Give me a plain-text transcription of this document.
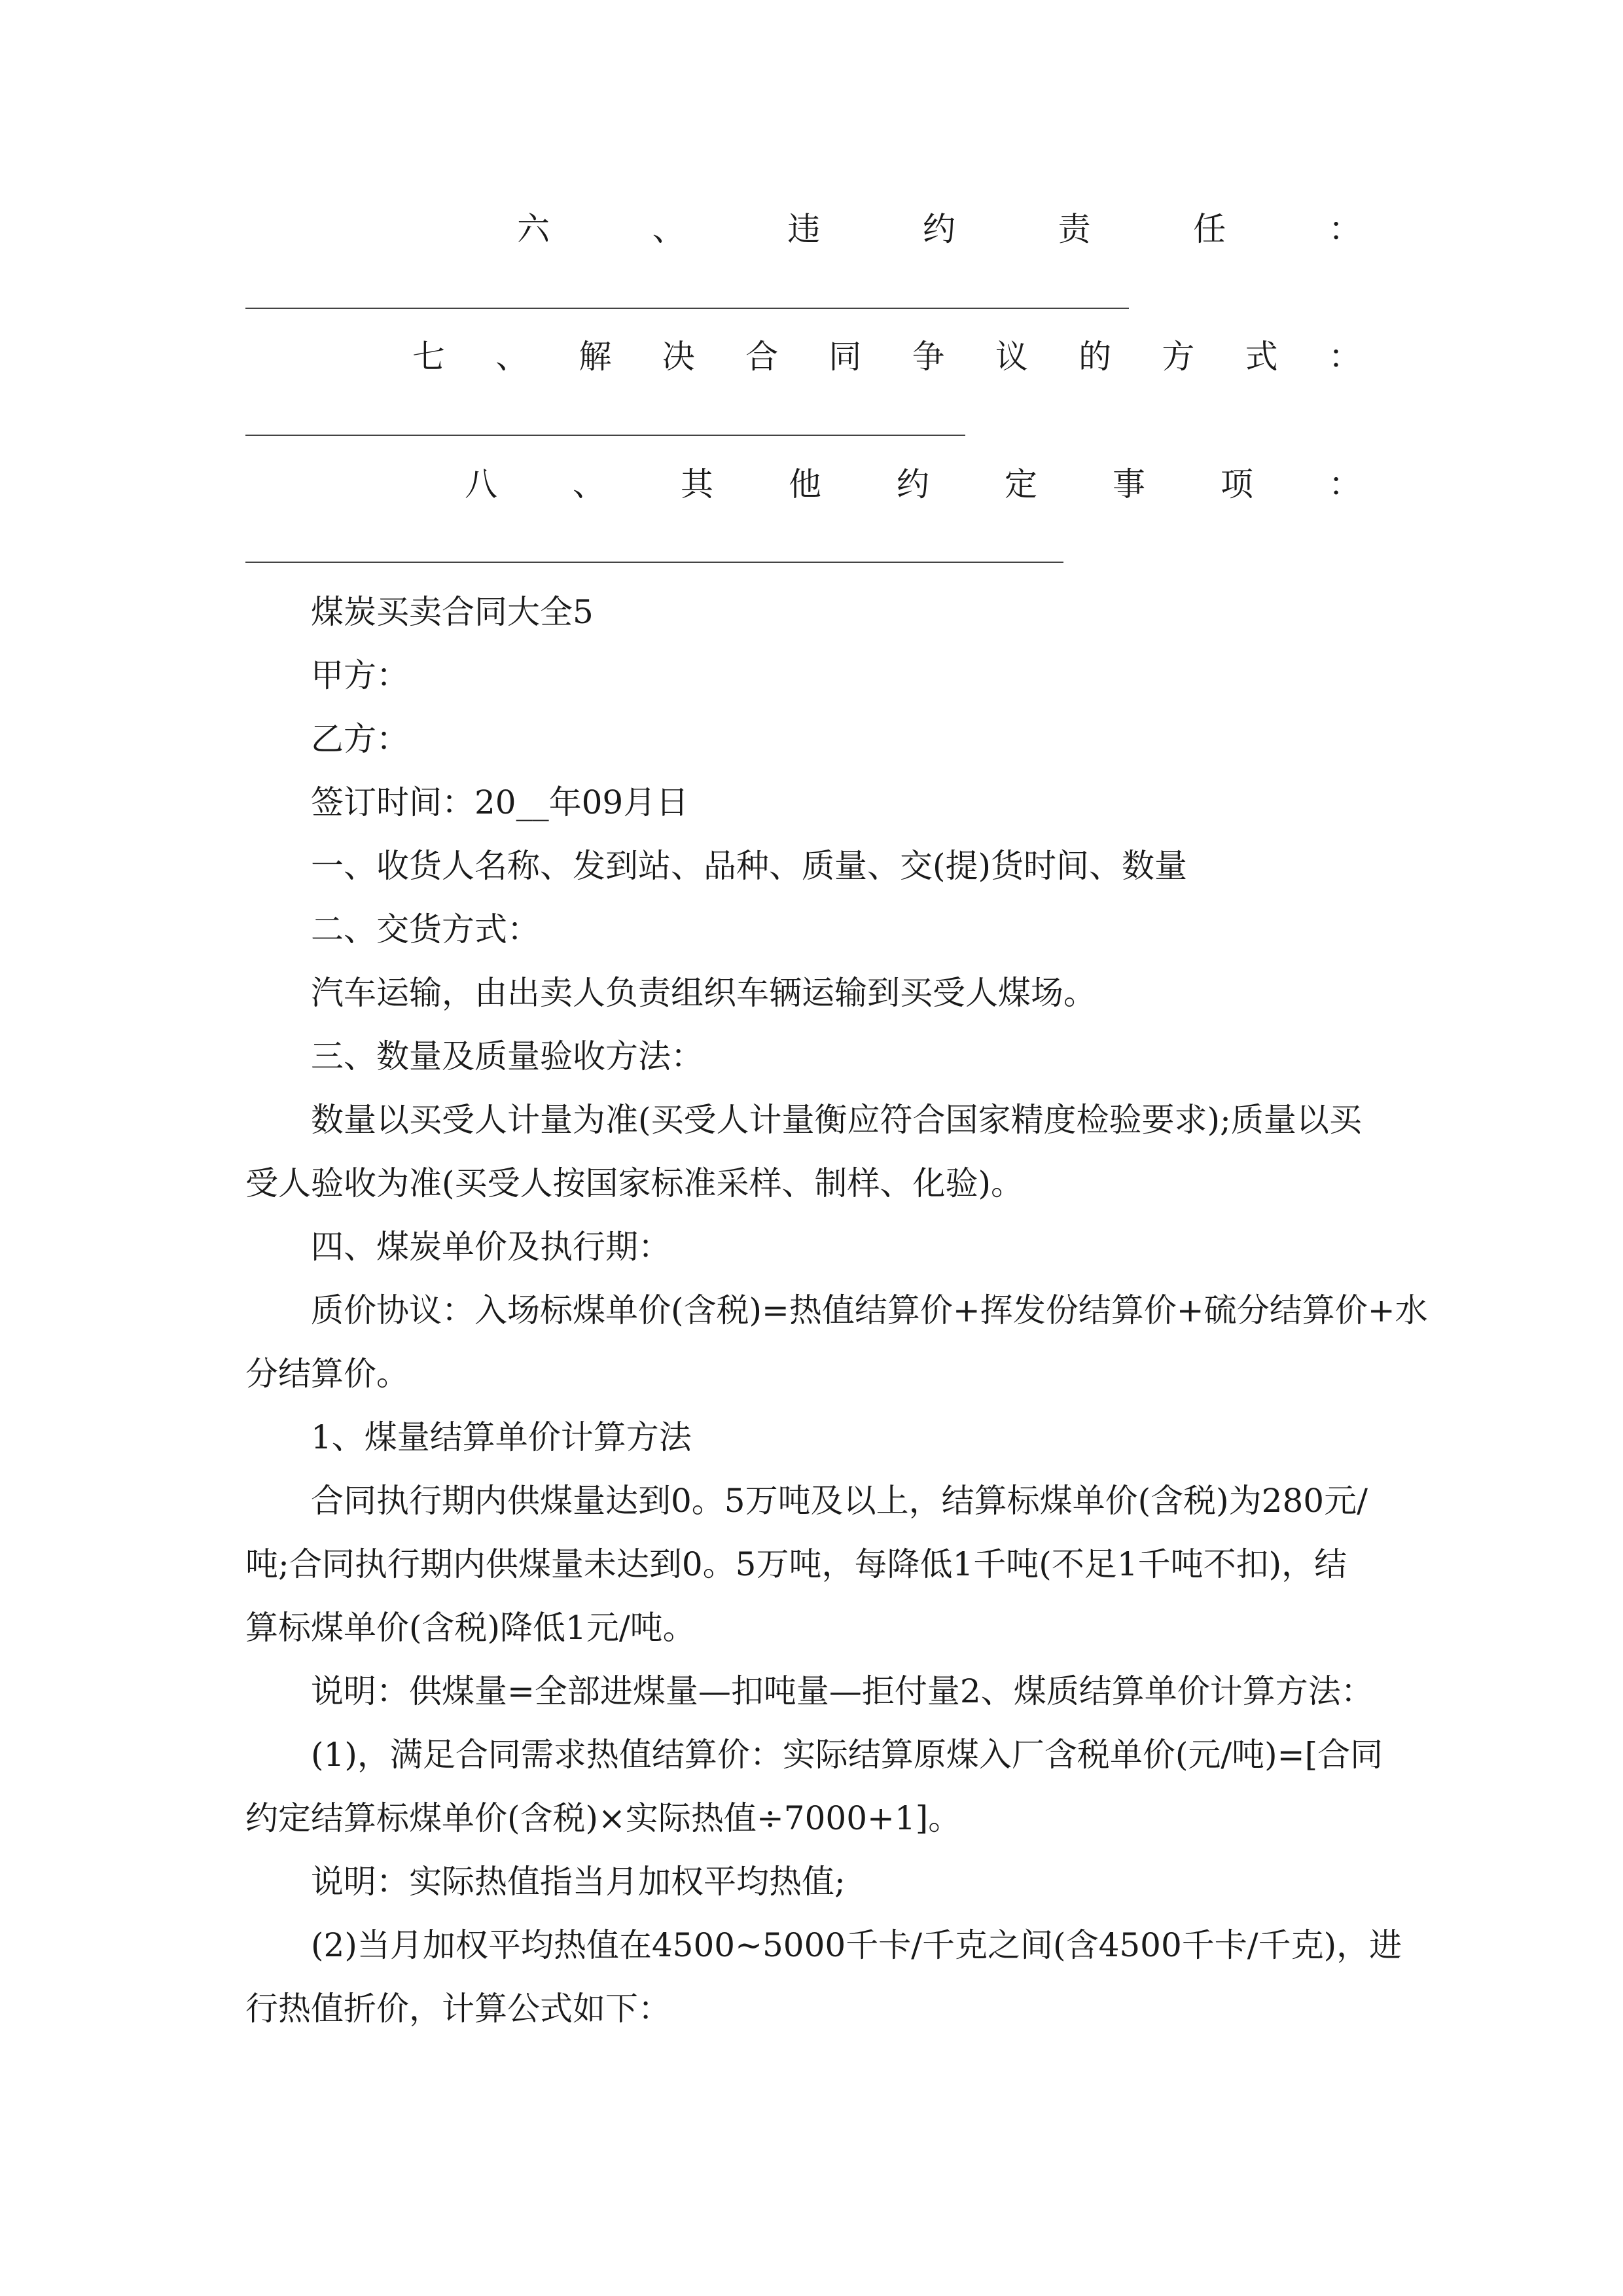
六	、	违	约	责	任	：
七 、 解 决 合 同 争 议 的 方 式 ：
八 、 其 他 约 定 事 项 ：
煤炭买卖合同大全5
甲方：
乙方：
签订时间：20__年09月日
一、收货人名称、发到站、品种、质量、交(提)货时间、数量
二、交货方式：
汽车运输，由出卖人负责组织车辆运输到买受人煤场。
三、数量及质量验收方法：
数量以买受人计量为准(买受人计量衡应符合国家精度检验要求);质量以买
受人验收为准(买受人按国家标准采样、制样、化验)。
四、煤炭单价及执行期：
质价协议：入场标煤单价(含税)=热值结算价+挥发份结算价+硫分结算价+水
分结算价。
1、煤量结算单价计算方法
合同执行期内供煤量达到0。5万吨及以上，结算标煤单价(含税)为280元/
吨;合同执行期内供煤量未达到0。5万吨，每降低1千吨(不足1千吨不扣)，结
算标煤单价(含税)降低1元/吨。
说明：供煤量=全部进煤量—扣吨量—拒付量2、煤质结算单价计算方法：
(1)，满足合同需求热值结算价：实际结算原煤入厂含税单价(元/吨)=[合同
约定结算标煤单价(含税)×实际热值÷7000+1]。
说明：实际热值指当月加权平均热值;
(2)当月加权平均热值在4500~5000千卡/千克之间(含4500千卡/千克)，进
行热值折价，计算公式如下：
